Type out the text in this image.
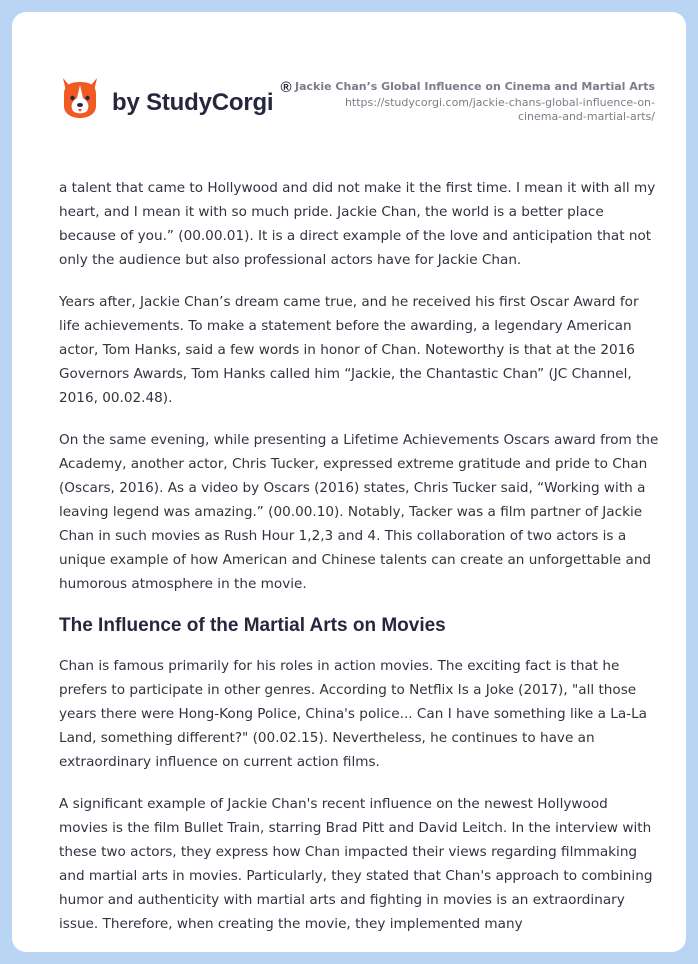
by StudyCorgi
® Jackie Chan’s Global Influence on Cinema and Martial Arts
https://studycorgi.com/jackie-chans-global-influence-on-
cinema-and-martial-arts/

a talent that came to Hollywood and did not make it the first time. I mean it with all my heart, and I mean it with so much pride. Jackie Chan, the world is a better place because of you.” (00.00.01). It is a direct example of the love and anticipation that not only the audience but also professional actors have for Jackie Chan.

Years after, Jackie Chan’s dream came true, and he received his first Oscar Award for life achievements. To make a statement before the awarding, a legendary American actor, Tom Hanks, said a few words in honor of Chan. Noteworthy is that at the 2016 Governors Awards, Tom Hanks called him “Jackie, the Chantastic Chan” (JC Channel, 2016, 00.02.48).

On the same evening, while presenting a Lifetime Achievements Oscars award from the Academy, another actor, Chris Tucker, expressed extreme gratitude and pride to Chan (Oscars, 2016). As a video by Oscars (2016) states, Chris Tucker said, “Working with a leaving legend was amazing.” (00.00.10). Notably, Tacker was a film partner of Jackie Chan in such movies as Rush Hour 1,2,3 and 4. This collaboration of two actors is a unique example of how American and Chinese talents can create an unforgettable and humorous atmosphere in the movie.

The Influence of the Martial Arts on Movies

Chan is famous primarily for his roles in action movies. The exciting fact is that he prefers to participate in other genres. According to Netflix Is a Joke (2017), "all those years there were Hong-Kong Police, China's police... Can I have something like a La-La Land, something different?" (00.02.15). Nevertheless, he continues to have an extraordinary influence on current action films.

A significant example of Jackie Chan's recent influence on the newest Hollywood movies is the film Bullet Train, starring Brad Pitt and David Leitch. In the interview with these two actors, they express how Chan impacted their views regarding filmmaking and martial arts in movies. Particularly, they stated that Chan's approach to combining humor and authenticity with martial arts and fighting in movies is an extraordinary issue. Therefore, when creating the movie, they implemented many
